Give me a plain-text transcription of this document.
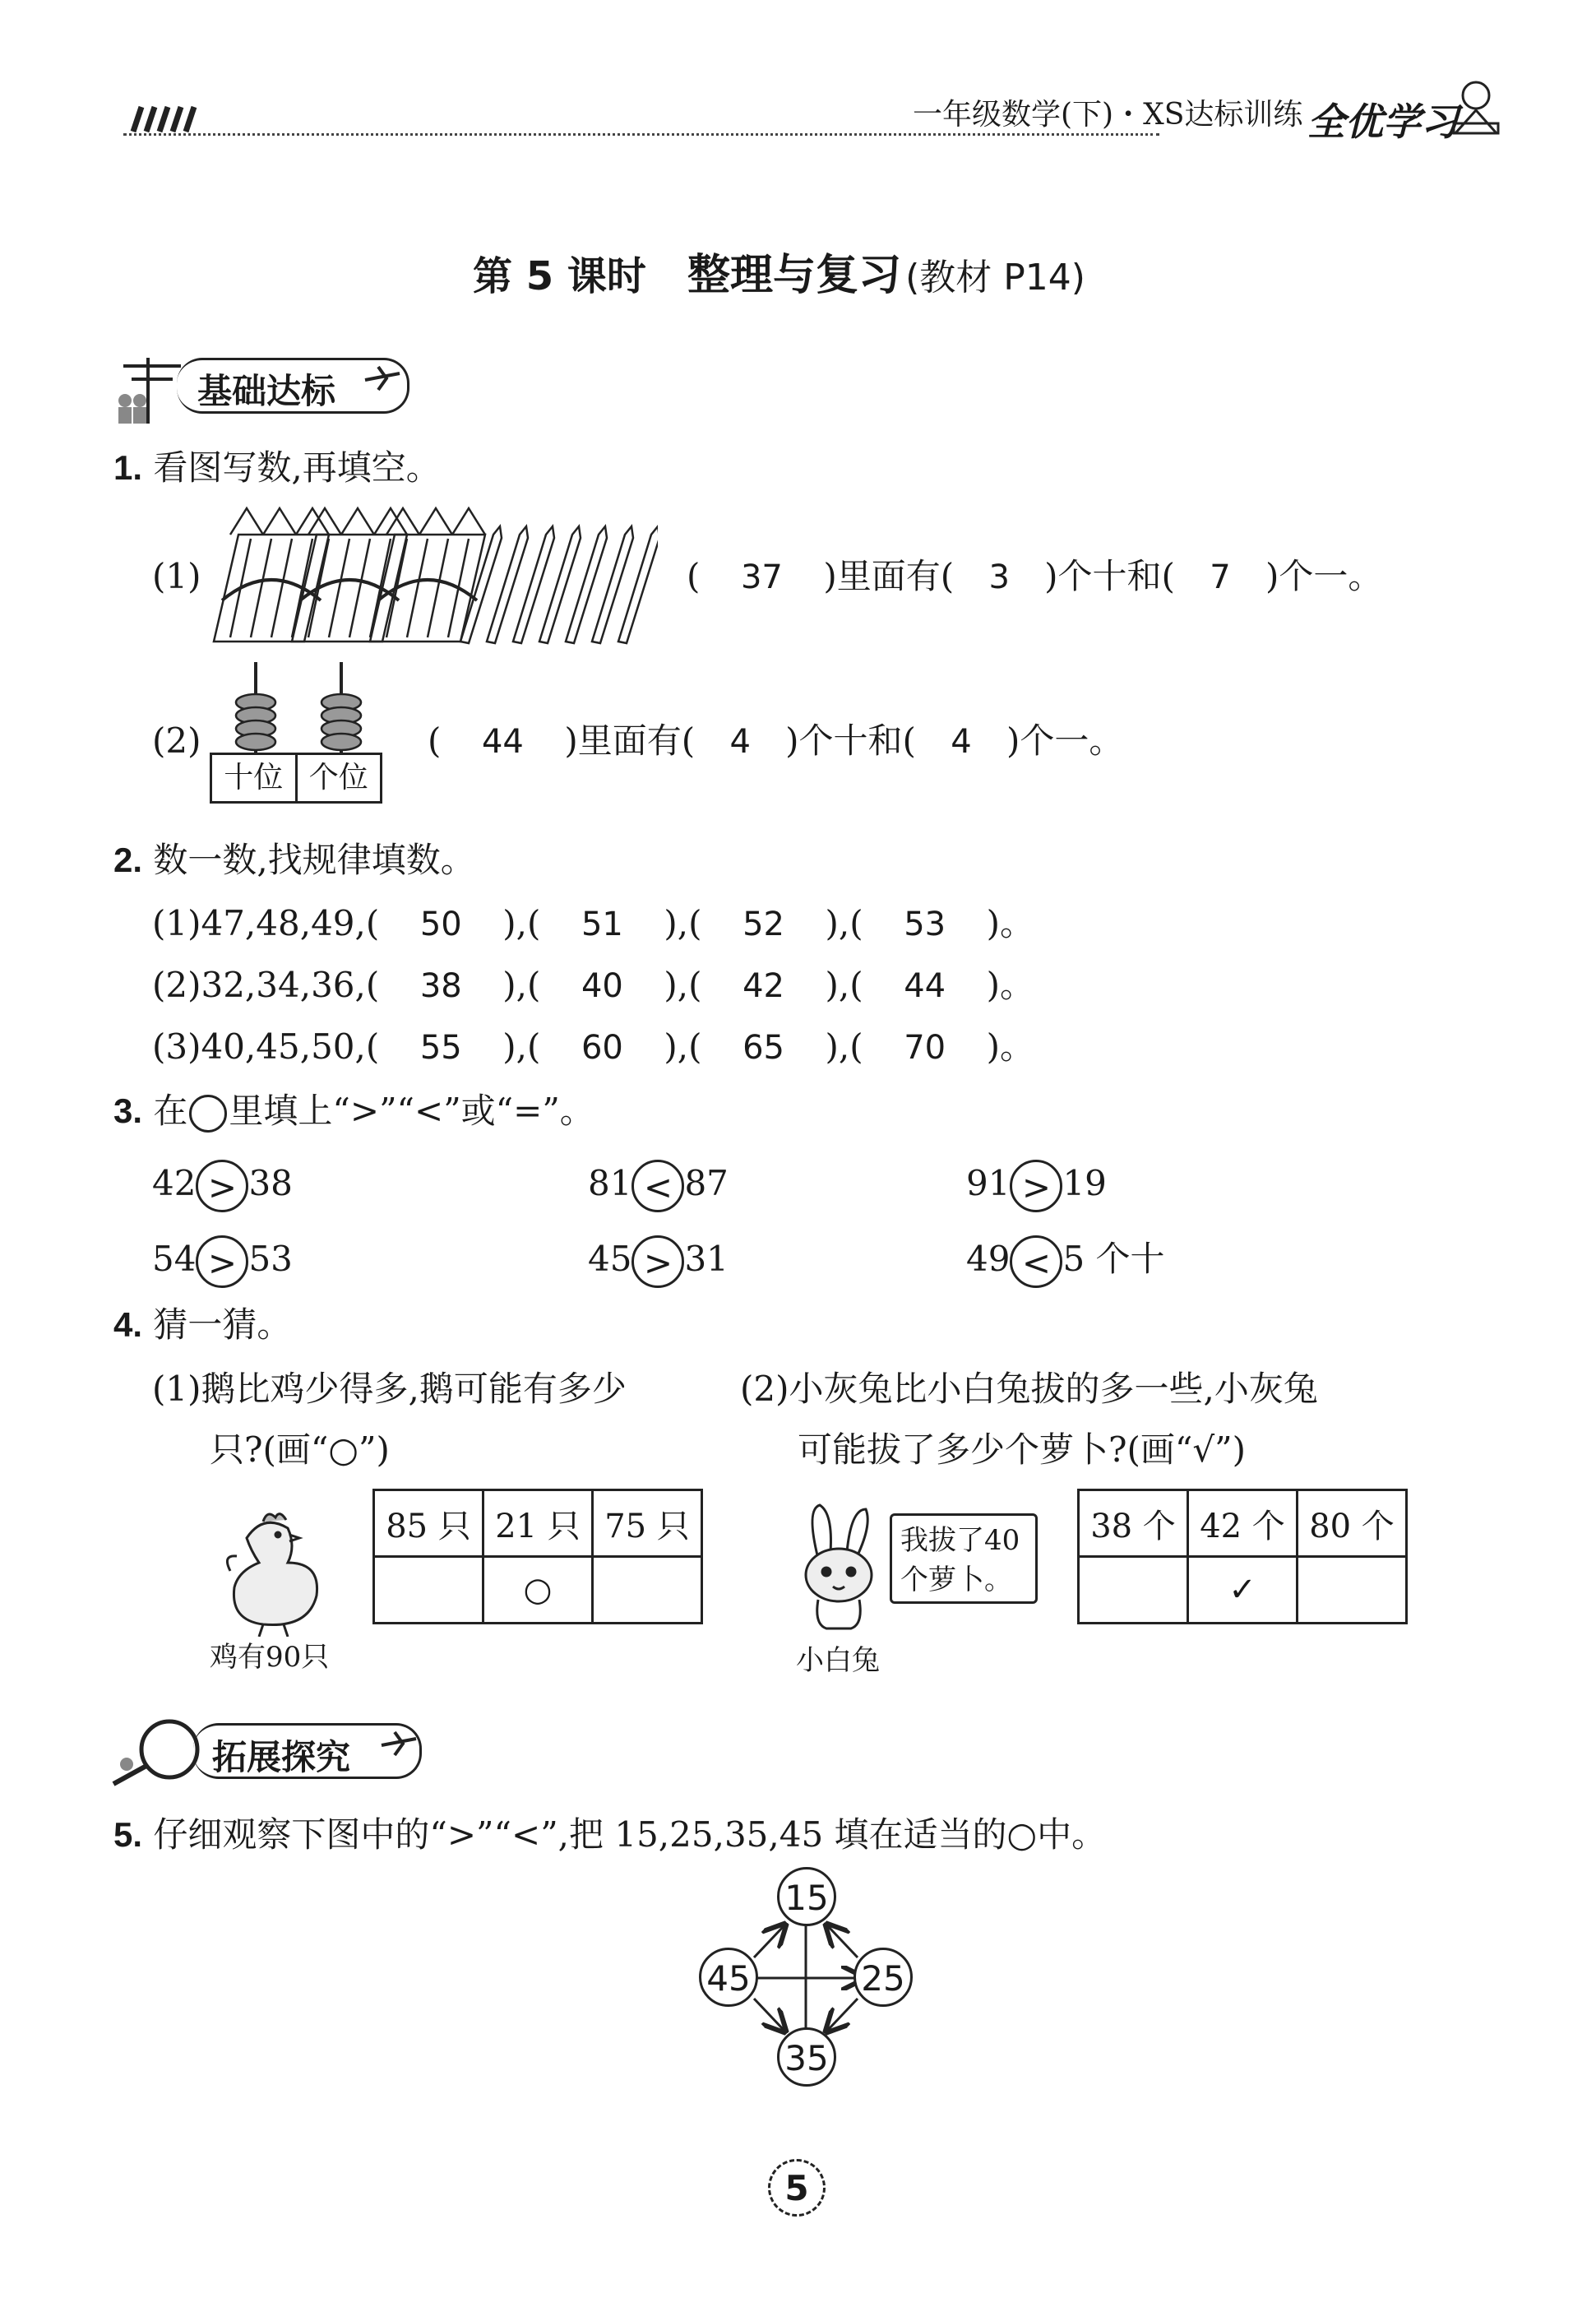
一年级数学(下)・XS达标训练 全优学习
第 5 课时 整理与复习 (教材 P14)
基础达标
1. 看图写数,再填空。
(1)	( 37 )里面有( 3 )个十和( 7 )个一。
(2)
十位 个位
( 44 )里面有( 4 )个十和( 4 )个一。
2. 数一数,找规律填数。
(1)47,48,49,( 50 ),( 51 ),( 52 ),( 53 )。
(2)32,34,36,( 38 ),( 40 ),( 42 ),( 44 )。
(3)40,45,50,( 55 ),( 60 ),( 65 ),( 70 )。
3. 在 里填上“>”“<”或“=”。
42 > 38	81 < 87	91 > 19
54 > 53	45 > 31	49 < 5 个十
4. 猜一猜。
(1)鹅比鸡少得多,鹅可能有多少
只?(画“○”)
鸡有90只
85 只	21 只	75 只
	○	
(2)小灰兔比小白兔拔的多一些,小灰兔
可能拔了多少个萝卜?(画“√”)
我拔了40
个萝卜。
小白兔
38 个	42 个	80 个
	✓	
拓展探究
5. 仔细观察下图中的“>”“<”,把 15,25,35,45 填在适当的○中。
15
45	25
35
5
